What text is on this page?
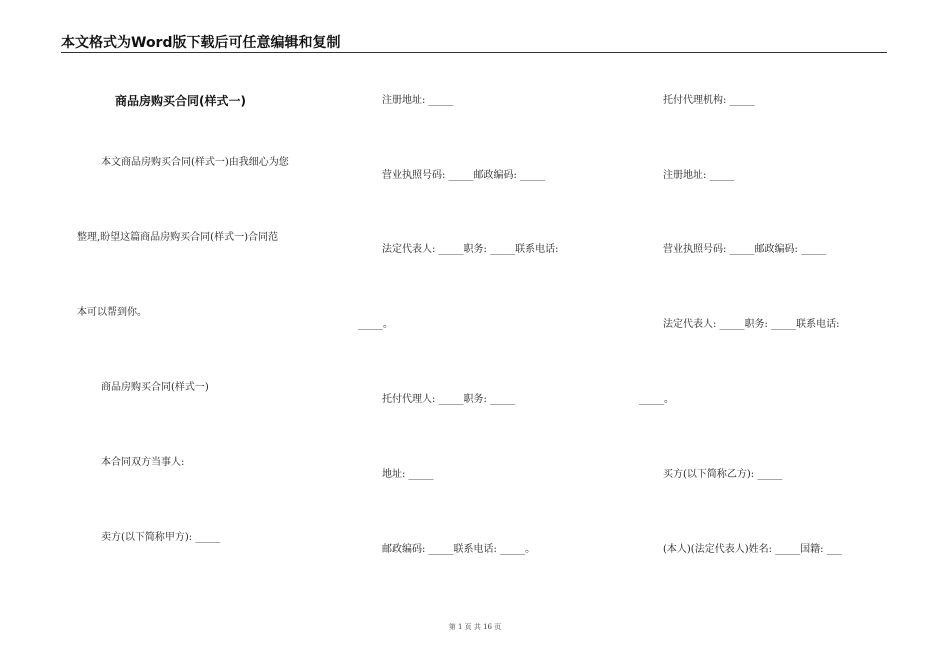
本文格式为Word版下载后可任意编辑和复制
商品房购买合同(样式一)
本文商品房购买合同(样式一)由我细心为您
整理,盼望这篇商品房购买合同(样式一)合同范
本可以帮到你。
商品房购买合同(样式一)
本合同双方当事人:
卖方(以下简称甲方): _____
注册地址: _____
营业执照号码: _____邮政编码: _____
法定代表人: _____职务: _____联系电话:
_____。
托付代理人: _____职务: _____
地址: _____
邮政编码: _____联系电话: _____。
托付代理机构: _____
注册地址: _____
营业执照号码: _____邮政编码: _____
法定代表人: _____职务: _____联系电话:
_____。
买方(以下简称乙方): _____
(本人)(法定代表人)姓名: _____国籍: ___
第 1 页 共 16 页
